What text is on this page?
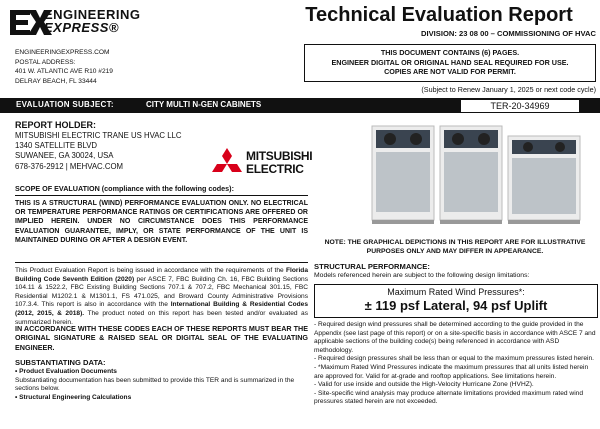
ENGINEERING
EXPRESS®
ENGINEERINGEXPRESS.COM
POSTAL ADDRESS:
401 W. ATLANTIC AVE R10 #219
DELRAY BEACH, FL 33444
Technical Evaluation Report
DIVISION: 23 08 00 – COMMISSIONING OF HVAC
THIS DOCUMENT CONTAINS (6) PAGES.
ENGINEER DIGITAL OR ORIGINAL HAND SEAL REQUIRED FOR USE.
COPIES ARE NOT VALID FOR PERMIT.
(Subject to Renew January 1, 2025 or next code cycle)
EVALUATION SUBJECT:	CITY MULTI N-GEN CABINETS	TER-20-34969
REPORT HOLDER:
MITSUBISHI ELECTRIC TRANE US HVAC LLC
1340 SATELLITE BLVD
SUWANEE, GA 30024, USA
678-376-2912 | MEHVAC.COM
MITSUBISHI
ELECTRIC
SCOPE OF EVALUATION (compliance with the following codes):
THIS IS A STRUCTURAL (WIND) PERFORMANCE EVALUATION ONLY. NO ELECTRICAL OR TEMPERATURE PERFORMANCE RATINGS OR CERTIFICATIONS ARE OFFERED OR IMPLIED HEREIN. UNDER NO CIRCUMSTANCE DOES THIS PERFORMANCE EVALUATION GUARANTEE, IMPLY, OR STATE PERFORMANCE OF THE UNIT IS MAINTAINED DURING OR AFTER A DESIGN EVENT.
This Product Evaluation Report is being issued in accordance with the requirements of the Florida Building Code Seventh Edition (2020) per ASCE 7, FBC Building Ch. 16, FBC Building Sections 104.11 & 1522.2, FBC Existing Building Sections 707.1 & 707.2, FBC Mechanical 301.15, FBC Residential M1202.1 & M1301.1, FS 471.025, and Broward County Administrative Provisions 107.3.4. This report is also in accordance with the International Building & Residential Codes (2012, 2015, & 2018). The product noted on this report has been tested and/or evaluated as summarized herein.
IN ACCORDANCE WITH THESE CODES EACH OF THESE REPORTS MUST BEAR THE ORIGINAL SIGNATURE & RAISED SEAL OR DIGITAL SEAL OF THE EVALUATING ENGINEER.
SUBSTANTIATING DATA:
• Product Evaluation Documents
Substantiating documentation has been submitted to provide this TER and is summarized in the sections below.
• Structural Engineering Calculations
NOTE: THE GRAPHICAL DEPICTIONS IN THIS REPORT ARE FOR ILLUSTRATIVE PURPOSES ONLY AND MAY DIFFER IN APPEARANCE.
STRUCTURAL PERFORMANCE:
Models referenced herein are subject to the following design limitations:
Maximum Rated Wind Pressures*:
± 119 psf Lateral, 94 psf Uplift
- Required design wind pressures shall be determined according to the guide provided in the Appendix (see last page of this report) or on a site-specific basis in accordance with ASCE 7 and applicable sections of the building code(s) being referenced in accordance with ASD methodology.
- Required design pressures shall be less than or equal to the maximum pressures listed herein.
- *Maximum Rated Wind Pressures indicate the maximum pressures that all units listed herein are approved for. Valid for at-grade and rooftop applications. See limitations herein.
- Valid for use inside and outside the High-Velocity Hurricane Zone (HVHZ).
- Site-specific wind analysis may produce alternate limitations provided maximum rated wind pressures stated herein are not exceeded.
